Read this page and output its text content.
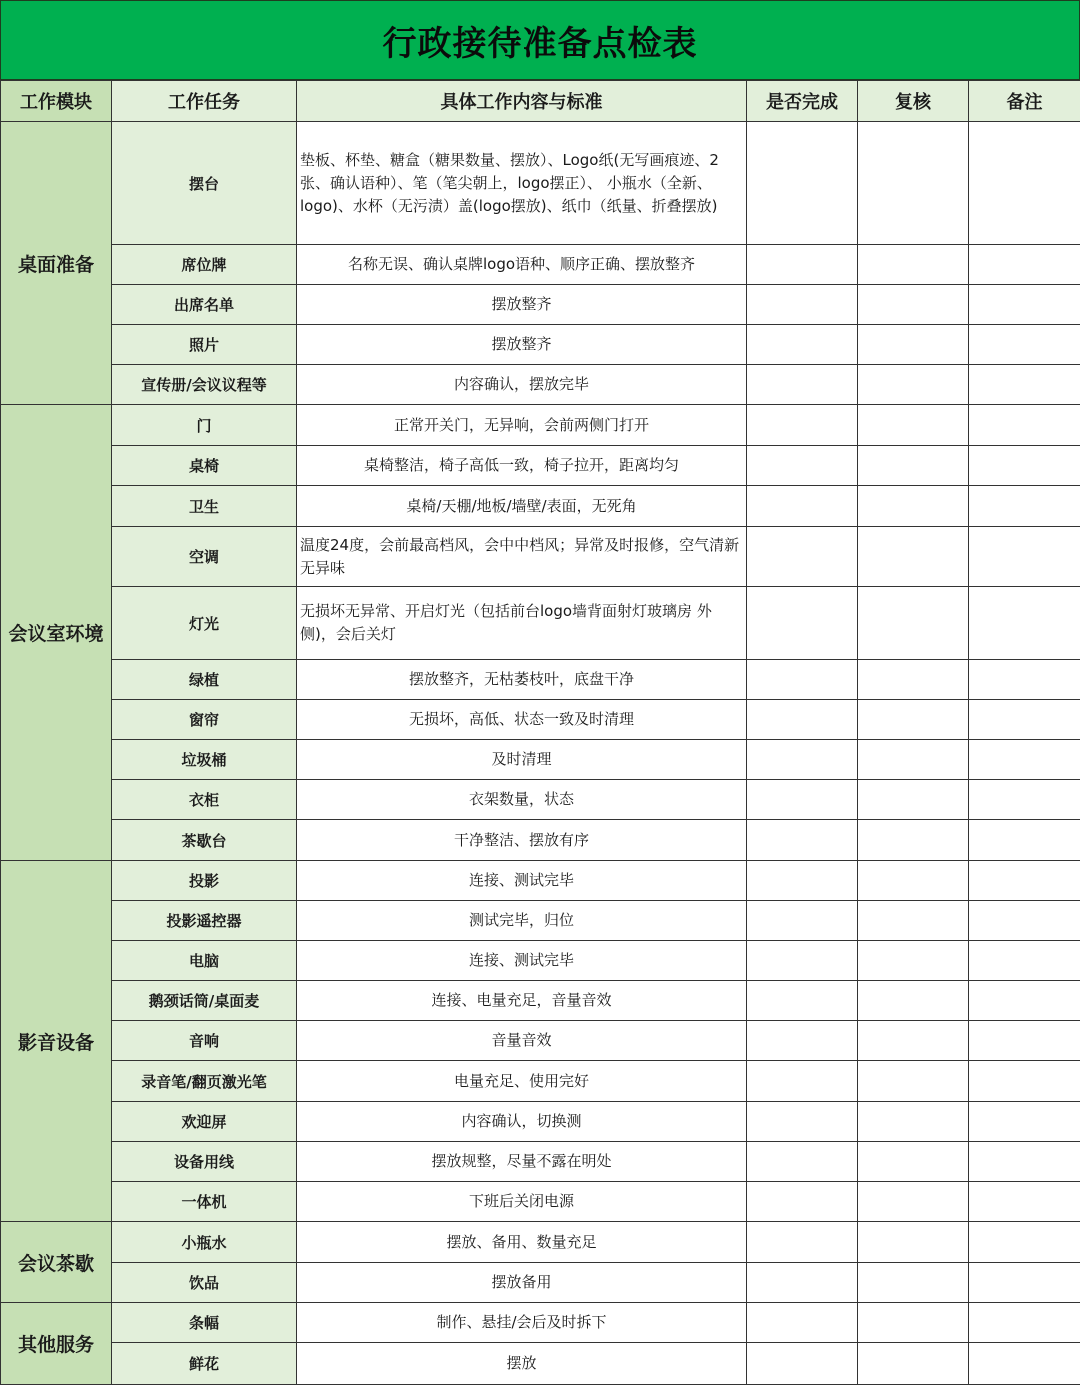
行政接待准备点检表
工作模块	工作任务	具体工作内容与标准	是否完成	复核	备注
桌面准备	摆台	垫板、杯垫、糖盒（糖果数量、摆放）、Logo纸(无写画痕迹、2张、确认语种）、笔（笔尖朝上，logo摆正）、 小瓶水（全新、logo)、水杯（无污渍）盖(logo摆放)、纸巾（纸量、折叠摆放)			
	席位牌	名称无误、确认桌牌logo语种、顺序正确、摆放整齐			
	出席名单	摆放整齐			
	照片	摆放整齐			
	宣传册/会议议程等	内容确认，摆放完毕			
会议室环境	门	正常开关门，无异响，会前两侧门打开			
	桌椅	桌椅整洁，椅子高低一致，椅子拉开，距离均匀			
	卫生	桌椅/天棚/地板/墙壁/表面，无死角			
	空调	温度24度，会前最高档风，会中中档风；异常及时报修，空气清新无异味			
	灯光	无损坏无异常、开启灯光（包括前台logo墙背面射灯玻璃房 外侧)，会后关灯			
	绿植	摆放整齐，无枯萎枝叶，底盘干净			
	窗帘	无损坏，高低、状态一致及时清理			
	垃圾桶	及时清理			
	衣柜	衣架数量，状态			
	茶歇台	干净整洁、摆放有序			
影音设备	投影	连接、测试完毕			
	投影遥控器	测试完毕，归位			
	电脑	连接、测试完毕			
	鹅颈话筒/桌面麦	连接、电量充足，音量音效			
	音响	音量音效			
	录音笔/翻页激光笔	电量充足、使用完好			
	欢迎屏	内容确认，切换测			
	设备用线	摆放规整，尽量不露在明处			
	一体机	下班后关闭电源			
会议茶歇	小瓶水	摆放、备用、数量充足			
	饮品	摆放备用			
其他服务	条幅	制作、悬挂/会后及时拆下			
	鲜花	摆放			
